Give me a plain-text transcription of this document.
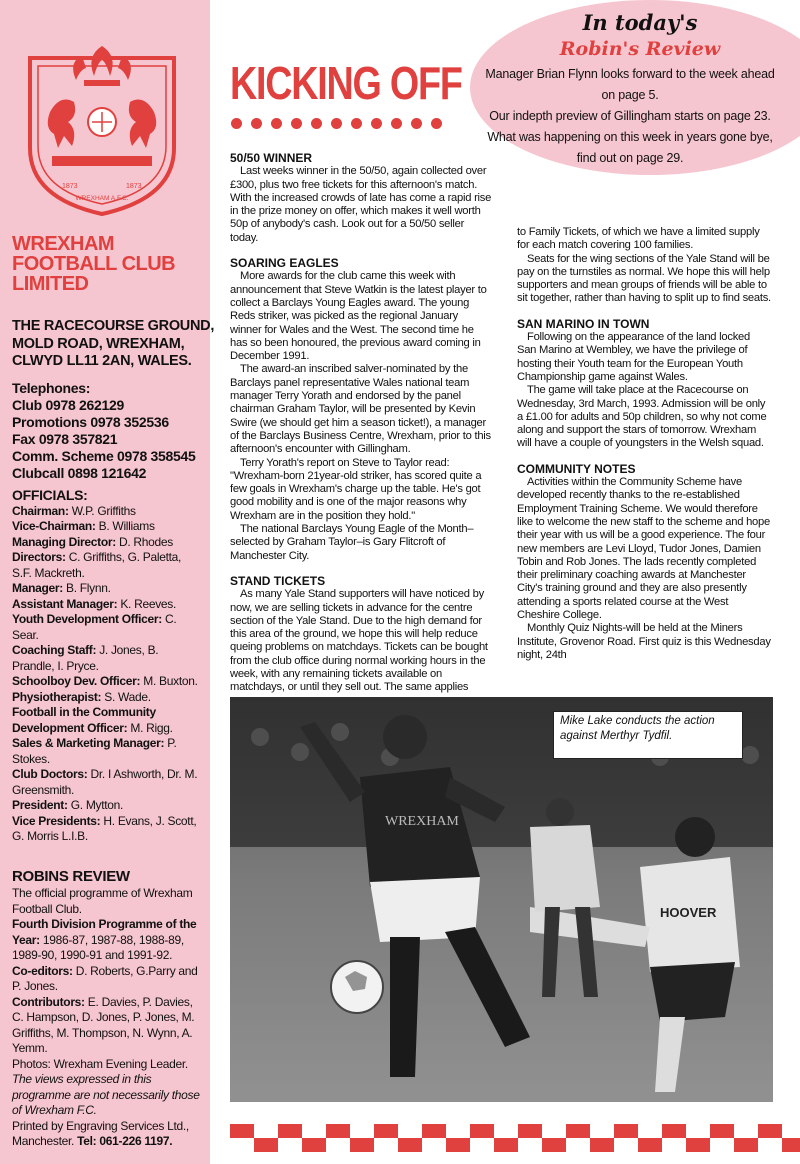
1873	1873
WREXHAM A.F.C.
WREXHAM
FOOTBALL CLUB
LIMITED
THE RACECOURSE GROUND,
MOLD ROAD, WREXHAM,
CLWYD LL11 2AN, WALES.
Telephones:
Club 0978 262129
Promotions 0978 352536
Fax 0978 357821
Comm. Scheme 0978 358545
Clubcall 0898 121642
OFFICIALS:
Chairman: W.P. Griffiths
Vice-Chairman: B. Williams
Managing Director: D. Rhodes
Directors: C. Griffiths, G. Paletta, S.F. Mackreth.
Manager: B. Flynn.
Assistant Manager: K. Reeves.
Youth Development Officer: C. Sear.
Coaching Staff: J. Jones, B. Prandle, I. Pryce.
Schoolboy Dev. Officer: M. Buxton.
Physiotherapist: S. Wade.
Football in the Community Development Officer: M. Rigg.
Sales & Marketing Manager: P. Stokes.
Club Doctors: Dr. I Ashworth, Dr. M. Greensmith.
President: G. Mytton.
Vice Presidents: H. Evans, J. Scott, G. Morris L.I.B.
ROBINS REVIEW
The official programme of Wrexham Football Club.
Fourth Division Programme of the Year: 1986-87, 1987-88, 1988-89, 1989-90, 1990-91 and 1991-92.
Co-editors: D. Roberts, G.Parry and P. Jones.
Contributors: E. Davies, P. Davies, C. Hampson, D. Jones, P. Jones, M. Griffiths, M. Thompson, N. Wynn, A. Yemm.
Photos: Wrexham Evening Leader.
The views expressed in this programme are not necessarily those of Wrexham F.C.
Printed by Engraving Services Ltd., Manchester. Tel: 061-226 1197.
In today's
Robin's Review
Manager Brian Flynn looks forward to the week ahead on page 5.
Our indepth preview of Gillingham starts on page 23.
What was happening on this week in years gone bye, find out on page 29.
KICKING OFF
50/50 WINNER

Last weeks winner in the 50/50, again collected over £300, plus two free tickets for this afternoon's match. With the increased crowds of late has come a rapid rise in the prize money on offer, which makes it well worth 50p of anybody's cash. Look out for a 50/50 seller today.

SOARING EAGLES

More awards for the club came this week with announcement that Steve Watkin is the latest player to collect a Barclays Young Eagles award. The young Reds striker, was picked as the regional January winner for Wales and the West. The second time he has so been honoured, the previous award coming in December 1991.

The award-an inscribed salver-nominated by the Barclays panel representative Wales national team manager Terry Yorath and endorsed by the panel chairman Graham Taylor, will be presented by Kevin Swire (we should get him a season ticket!), a manager of the Barclays Business Centre, Wrexham, prior to this afternoon's encounter with Gillingham.

Terry Yorath's report on Steve to Taylor read: "Wrexham-born 21year-old striker, has scored quite a few goals in Wrexham's charge up the table. He's got good mobility and is one of the major reasons why Wrexham are in the position they hold."

The national Barclays Young Eagle of the Month–selected by Graham Taylor–is Gary Flitcroft of Manchester City.

STAND TICKETS

As many Yale Stand supporters will have noticed by now, we are selling tickets in advance for the centre section of the Yale Stand. Due to the high demand for this area of the ground, we hope this will help reduce queing problems on matchdays. Tickets can be bought from the club office during normal working hours in the week, with any remaining tickets available on matchdays, or until they sell out. The same applies

to Family Tickets, of which we have a limited supply for each match covering 100 families.

Seats for the wing sections of the Yale Stand will be pay on the turnstiles as normal. We hope this will help supporters and mean groups of friends will be able to sit together, rather than having to split up to find seats.

SAN MARINO IN TOWN

Following on the appearance of the land locked San Marino at Wembley, we have the privilege of hosting their Youth team for the European Youth Championship game against Wales.

The game will take place at the Racecourse on Wednesday, 3rd March, 1993. Admission will be only a £1.00 for adults and 50p children, so why not come along and support the stars of tomorrow. Wrexham will have a couple of youngsters in the Welsh squad.

COMMUNITY NOTES

Activities within the Community Scheme have developed recently thanks to the re-established Employment Training Scheme. We would therefore like to welcome the new staff to the scheme and hope their year with us will be a good experience. The four new members are Levi Lloyd, Tudor Jones, Damien Tobin and Rob Jones. The lads recently completed their preliminary coaching awards at Manchester City's training ground and they are also presently attending a sports related course at the West Cheshire College.

Monthly Quiz Nights-will be held at the Miners Institute, Grovenor Road. First quiz is this Wednesday night, 24th

WREXHAM
HOOVER
Mike Lake conducts the action against Merthyr Tydfil.
